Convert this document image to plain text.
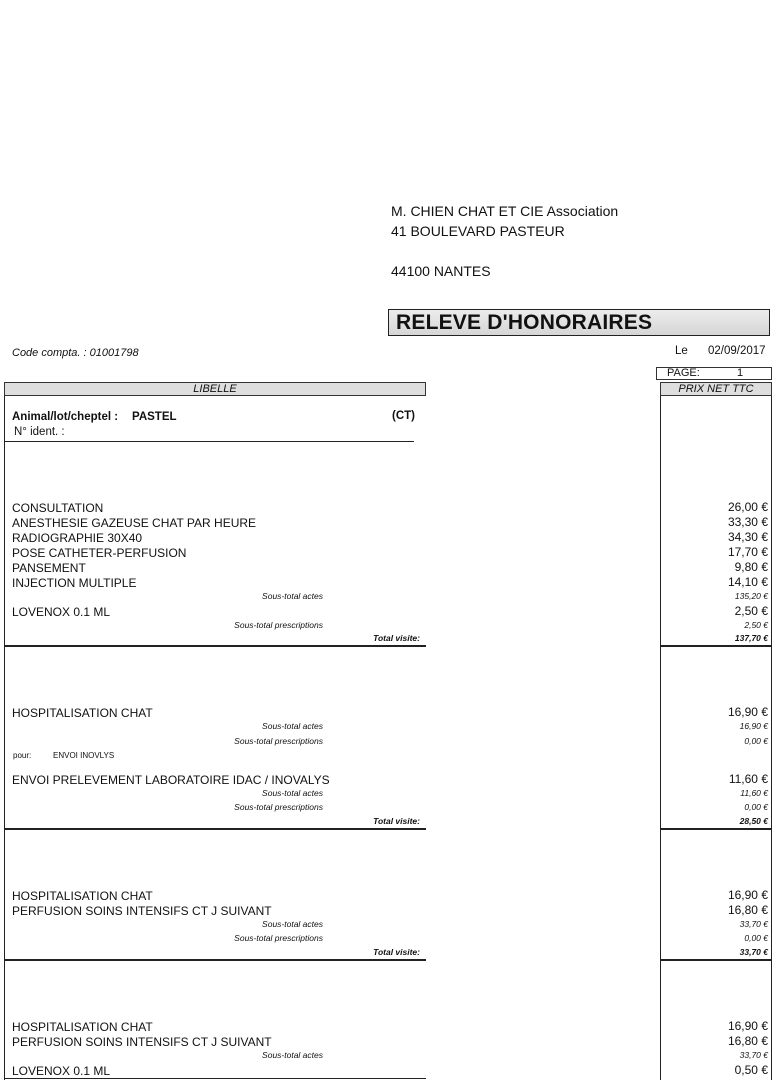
M. CHIEN CHAT ET CIE Association
41 BOULEVARD PASTEUR
44100 NANTES
RELEVE D'HONORAIRES
Code compta. : 01001798	Le 02/09/2017
PAGE:	1
LIBELLE	PRIX NET TTC
Animal/lot/cheptel : PASTEL	(CT)
N° ident. :
CONSULTATION	26,00 €
ANESTHESIE GAZEUSE CHAT PAR HEURE	33,30 €
RADIOGRAPHIE 30X40	34,30 €
POSE CATHETER-PERFUSION	17,70 €
PANSEMENT	9,80 €
INJECTION MULTIPLE	14,10 €
Sous-total actes	135,20 €
LOVENOX 0.1 ML	2,50 €
Sous-total prescriptions	2,50 €
Total visite:	137,70 €
HOSPITALISATION CHAT	16,90 €
Sous-total actes	16,90 €
Sous-total prescriptions	0,00 €
pour:	ENVOI INOVLYS
ENVOI PRELEVEMENT LABORATOIRE IDAC / INOVALYS	11,60 €
Sous-total actes	11,60 €
Sous-total prescriptions	0,00 €
Total visite:	28,50 €
HOSPITALISATION CHAT	16,90 €
PERFUSION SOINS INTENSIFS CT J SUIVANT	16,80 €
Sous-total actes	33,70 €
Sous-total prescriptions	0,00 €
Total visite:	33,70 €
HOSPITALISATION CHAT	16,90 €
PERFUSION SOINS INTENSIFS CT J SUIVANT	16,80 €
Sous-total actes	33,70 €
LOVENOX 0.1 ML	0,50 €
